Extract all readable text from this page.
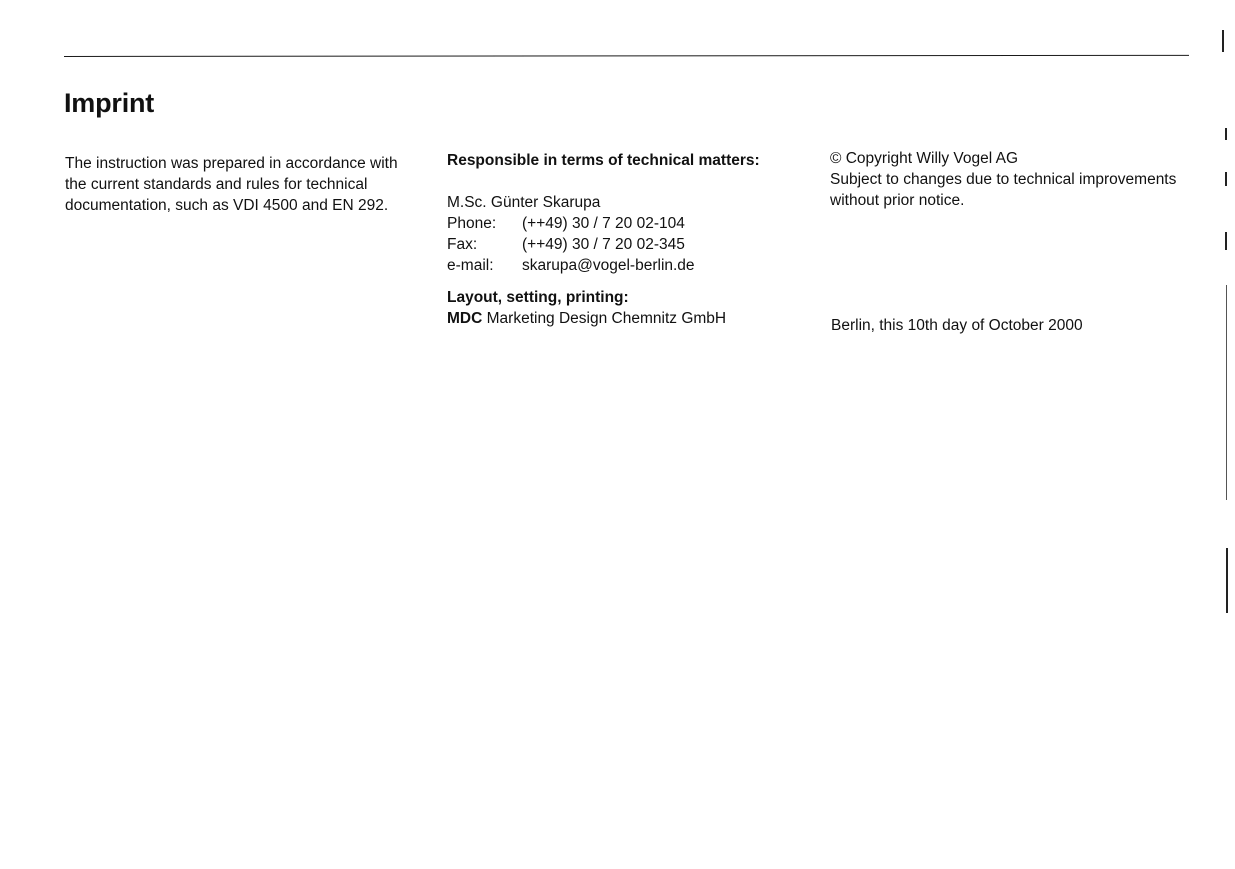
Imprint

The instruction was prepared in accordance with

the current standards and rules for technical

documentation, such as VDI 4500 and EN 292.

Responsible in terms of technical matters:

M.Sc. Günter Skarupa

Phone:	(++49) 30 / 7 20 02-104
Fax:	(++49) 30 / 7 20 02-345
e-mail:	skarupa@vogel-berlin.de

Layout, setting, printing:

MDC Marketing Design Chemnitz GmbH

© Copyright Willy Vogel AG

Subject to changes due to technical improvements

without prior notice.

Berlin, this 10th day of October 2000
